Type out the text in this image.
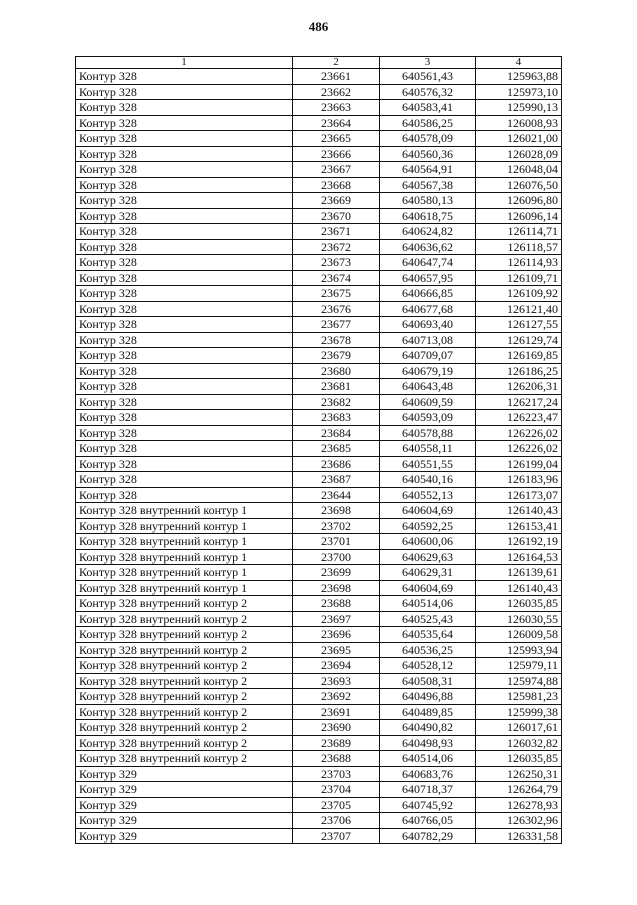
486
1	2	3	4
Контур 328	23661	640561,43	125963,88
Контур 328	23662	640576,32	125973,10
Контур 328	23663	640583,41	125990,13
Контур 328	23664	640586,25	126008,93
Контур 328	23665	640578,09	126021,00
Контур 328	23666	640560,36	126028,09
Контур 328	23667	640564,91	126048,04
Контур 328	23668	640567,38	126076,50
Контур 328	23669	640580,13	126096,80
Контур 328	23670	640618,75	126096,14
Контур 328	23671	640624,82	126114,71
Контур 328	23672	640636,62	126118,57
Контур 328	23673	640647,74	126114,93
Контур 328	23674	640657,95	126109,71
Контур 328	23675	640666,85	126109,92
Контур 328	23676	640677,68	126121,40
Контур 328	23677	640693,40	126127,55
Контур 328	23678	640713,08	126129,74
Контур 328	23679	640709,07	126169,85
Контур 328	23680	640679,19	126186,25
Контур 328	23681	640643,48	126206,31
Контур 328	23682	640609,59	126217,24
Контур 328	23683	640593,09	126223,47
Контур 328	23684	640578,88	126226,02
Контур 328	23685	640558,11	126226,02
Контур 328	23686	640551,55	126199,04
Контур 328	23687	640540,16	126183,96
Контур 328	23644	640552,13	126173,07
Контур 328 внутренний контур 1	23698	640604,69	126140,43
Контур 328 внутренний контур 1	23702	640592,25	126153,41
Контур 328 внутренний контур 1	23701	640600,06	126192,19
Контур 328 внутренний контур 1	23700	640629,63	126164,53
Контур 328 внутренний контур 1	23699	640629,31	126139,61
Контур 328 внутренний контур 1	23698	640604,69	126140,43
Контур 328 внутренний контур 2	23688	640514,06	126035,85
Контур 328 внутренний контур 2	23697	640525,43	126030,55
Контур 328 внутренний контур 2	23696	640535,64	126009,58
Контур 328 внутренний контур 2	23695	640536,25	125993,94
Контур 328 внутренний контур 2	23694	640528,12	125979,11
Контур 328 внутренний контур 2	23693	640508,31	125974,88
Контур 328 внутренний контур 2	23692	640496,88	125981,23
Контур 328 внутренний контур 2	23691	640489,85	125999,38
Контур 328 внутренний контур 2	23690	640490,82	126017,61
Контур 328 внутренний контур 2	23689	640498,93	126032,82
Контур 328 внутренний контур 2	23688	640514,06	126035,85
Контур 329	23703	640683,76	126250,31
Контур 329	23704	640718,37	126264,79
Контур 329	23705	640745,92	126278,93
Контур 329	23706	640766,05	126302,96
Контур 329	23707	640782,29	126331,58
